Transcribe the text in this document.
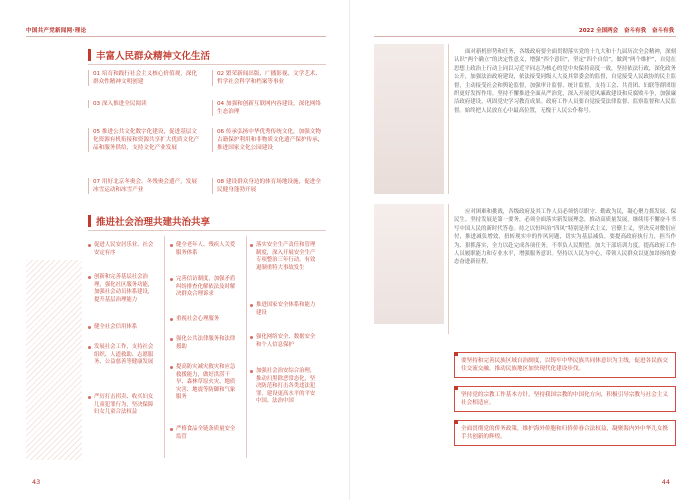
中国共产党新闻网·理论
丰富人民群众精神文化生活
01 培育和践行社会主义核心价值观，深化群众性精神文明创建
02 繁荣新闻出版、广播影视、文学艺术、哲学社会科学和档案等事业
03 深入推进全民阅读	04 加强和创新互联网内容建设，深化网络生态治理
05 推进公共文化数字化建设，促进基层文化资源有机衔接和资源共享扩大优质文化产品和服务供给，支持文化产业发展
06 传承弘扬中华优秀传统文化，加强文物古籍保护利用和非物质文化遗产保护传承，推进国家文化公园建设
07 用好北京冬奥会、冬残奥会遗产，发展冰雪运动和冰雪产业
08 建设群众身边的体育场地设施，促进全民健身蓬勃开展
推进社会治理共建共治共享
促进人民安居乐业、社会安定有序
创新和完善基层社会治理，强化社区服务功能，加强社会动员体系建设，提升基层治理能力
健全社会信用体系
发展社会工作，支持社会组织、人道救助、志愿服务、公益慈善等健康发展
严厉打击拐卖、收买妇女儿童犯罪行为，坚决保障妇女儿童合法权益
健全老年人、残疾人关爱服务体系
完善信访制度，加强矛盾纠纷排查化解依法及时解决群众合理诉求
重视社会心理服务
强化公共法律服务和法律援助
提高防灾减灾救灾和应急救援能力，做好洪涝干旱、森林草原火灾、地质灾害、地震等防御和气象服务
严格食品全链条质量安全监管
落实安全生产责任和管理制度，深入开展安全生产专项整治三年行动，有效遏制重特大事故发生
推进国家安全体系和能力建设
强化网络安全、数据安全和个人信息保护
加强社会治安综合治理，推动扫黑除恶常态化，坚决防范和打击各类违法犯罪，建设更高水平的平安中国、法治中国
43
2022 全国两会 奋斗有我 奋斗有我
面对新机形势和任务，各级政府要全面贯彻落实党的十九大和十九届历次全会精神，深刻认识“两个确立”的决定性意义，增强“四个意识”，坚定“四个自信”，做到“两个维护”，自觉在思想上政治上行动上同以习近平同志为核心的党中央保持高度一致，坚持依法行政，深化政务公开，加强法治政府建设，依法接受同级人大及其常委会的监督，自觉接受人民政协的民主监督，主动接受社会和舆论监督，加强审计监督、统计监督。支持工会、共青团、妇联等群团组织更好发挥作用。坚持不懈推进全面从严治党，深入开展党风廉政建设和反腐败斗争，加强廉洁政府建设，巩固党史学习教育成果。政府工作人员要自觉接受法律监督、监察监督和人民监督。始终把人民放在心中最高位置，无愧于人民公仆称号。
应对困难和挑战，各级政府及其工作人员必须恪尽职守、勤政为民，凝心聚力抓发展、保民生。坚持发展是第一要务，必须全面落实新发展理念，推动高质量发展，继续用不懈奋斗书写中国人民的新时代答卷。持之以恒纠治“四风”特别是形式主义、官僚主义，坚决反对敷衍应付，推进减负增效，扭转现实中的作风问题，切实为基层减负。要提高政府执行力，担当作为、狠抓落实，全力以赴完成各项任务，不辜负人民期望。加大干部培训力度，提高政府工作人员履职能力和专业水平，增强服务意识。坚持以人民为中心，带领人民群众以更加昂扬的姿态奋进新征程。
要坚持和完善民族区域自治制度，以铸牢中华民族共同体意识为主线，促进各民族交往交流交融，推动民族地区加快现代化建设步伐。
坚持党的宗教工作基本方针，坚持我国宗教的中国化方向，积极引导宗教与社会主义社会相适应。
全面贯彻党的侨务政策，维护海外侨胞和归侨侨眷合法权益，凝聚海内外中华儿女携手共创新的辉煌。
44
